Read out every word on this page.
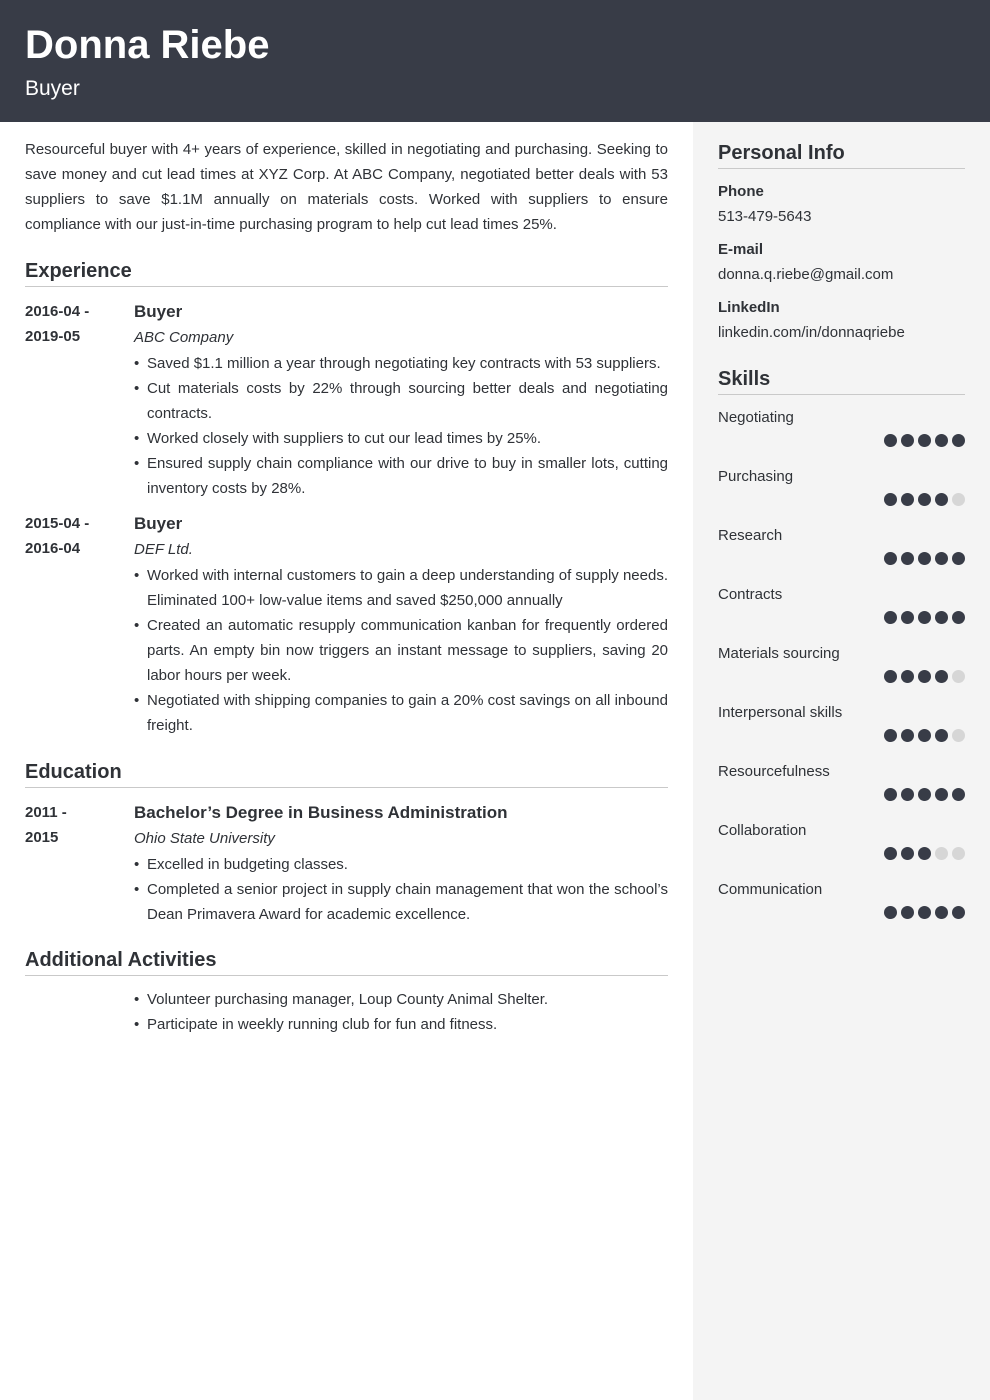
Donna Riebe
Buyer

Resourceful buyer with 4+ years of experience, skilled in negotiating and purchasing. Seeking to save money and cut lead times at XYZ Corp. At ABC Company, negotiated better deals with 53 suppliers to save $1.1M annually on materials costs. Worked with suppliers to ensure compliance with our just-in-time purchasing program to help cut lead times 25%.

Experience
2016-04 -
2019-05
Buyer
ABC Company
• Saved $1.1 million a year through negotiating key contracts with 53 suppliers.
• Cut materials costs by 22% through sourcing better deals and negotiating contracts.
• Worked closely with suppliers to cut our lead times by 25%.
• Ensured supply chain compliance with our drive to buy in smaller lots, cutting inventory costs by 28%.
2015-04 -
2016-04
Buyer
DEF Ltd.
• Worked with internal customers to gain a deep understanding of supply needs. Eliminated 100+ low-value items and saved $250,000 annually
• Created an automatic resupply communication kanban for frequently ordered parts. An empty bin now triggers an instant message to suppliers, saving 20 labor hours per week.
• Negotiated with shipping companies to gain a 20% cost savings on all inbound freight.
Education
2011 -
2015
Bachelor’s Degree in Business Administration
Ohio State University
• Excelled in budgeting classes.
• Completed a senior project in supply chain management that won the school’s Dean Primavera Award for academic excellence.
Additional Activities
• Volunteer purchasing manager, Loup County Animal Shelter.
• Participate in weekly running club for fun and fitness.
Personal Info
Phone
513-479-5643
E-mail
donna.q.riebe@gmail.com
LinkedIn
linkedin.com/in/donnaqriebe
Skills
Negotiating
Purchasing
Research
Contracts
Materials sourcing
Interpersonal skills
Resourcefulness
Collaboration
Communication
